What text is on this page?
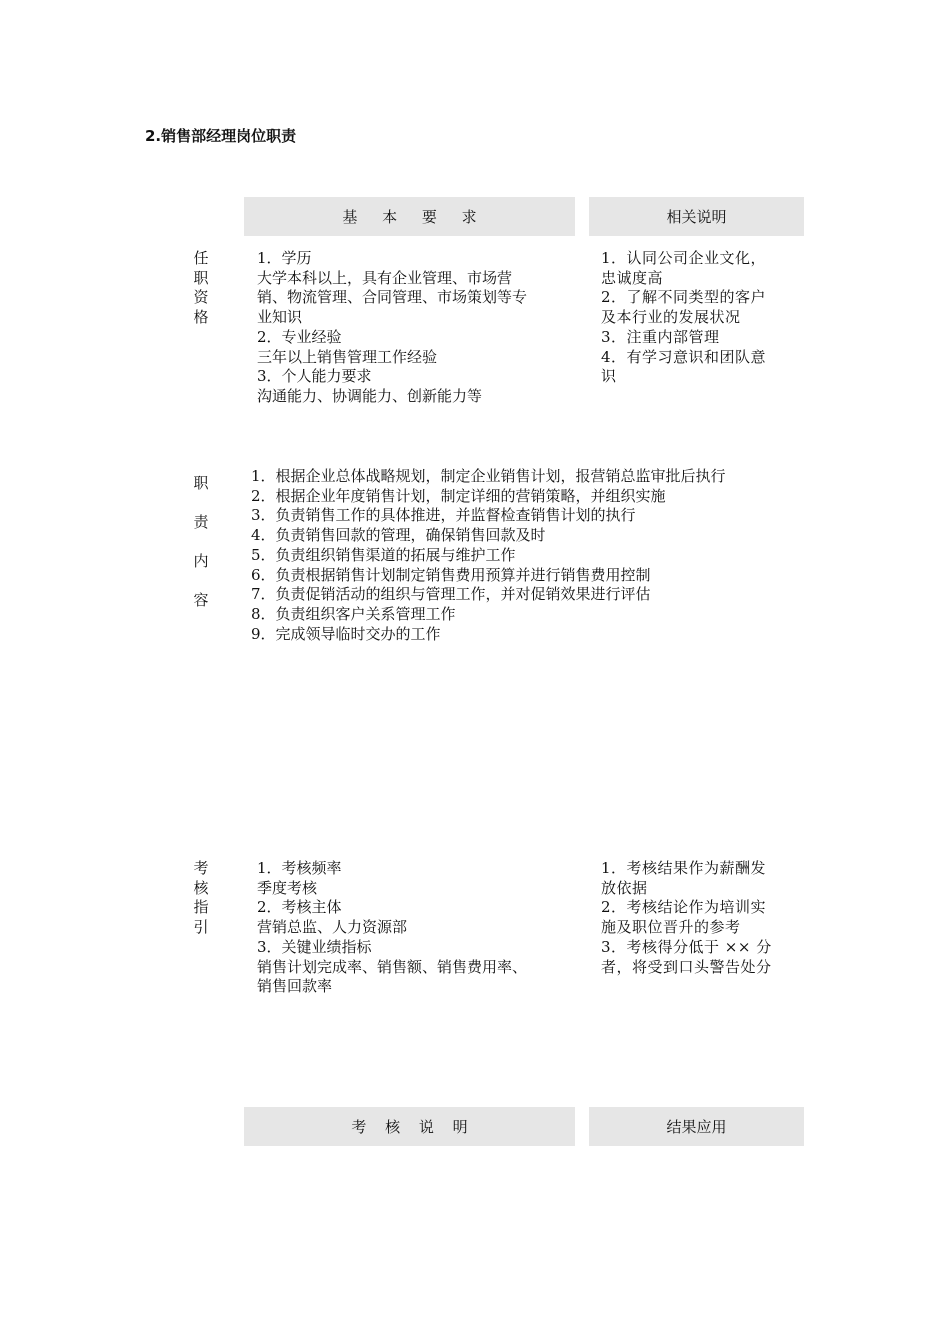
2.销售部经理岗位职责
基 本 要 求	相关说明
任
职
资
格
1．学历
大学本科以上，具有企业管理、市场营
销、物流管理、合同管理、市场策划等专
业知识
2．专业经验
三年以上销售管理工作经验
3．个人能力要求
沟通能力、协调能力、创新能力等
1．认同公司企业文化，
忠诚度高
2．了解不同类型的客户
及本行业的发展状况
3．注重内部管理
4．有学习意识和团队意
识
职
责
内
容
1．根据企业总体战略规划，制定企业销售计划，报营销总监审批后执行
2．根据企业年度销售计划，制定详细的营销策略，并组织实施
3．负责销售工作的具体推进，并监督检查销售计划的执行
4．负责销售回款的管理，确保销售回款及时
5．负责组织销售渠道的拓展与维护工作
6．负责根据销售计划制定销售费用预算并进行销售费用控制
7．负责促销活动的组织与管理工作，并对促销效果进行评估
8．负责组织客户关系管理工作
9．完成领导临时交办的工作
考
核
指
引
1．考核频率
季度考核
2．考核主体
营销总监、人力资源部
3．关键业绩指标
销售计划完成率、销售额、销售费用率、
销售回款率
1．考核结果作为薪酬发
放依据
2．考核结论作为培训实
施及职位晋升的参考
3．考核得分低于 ×× 分
者，将受到口头警告处分
考 核 说 明	结果应用
